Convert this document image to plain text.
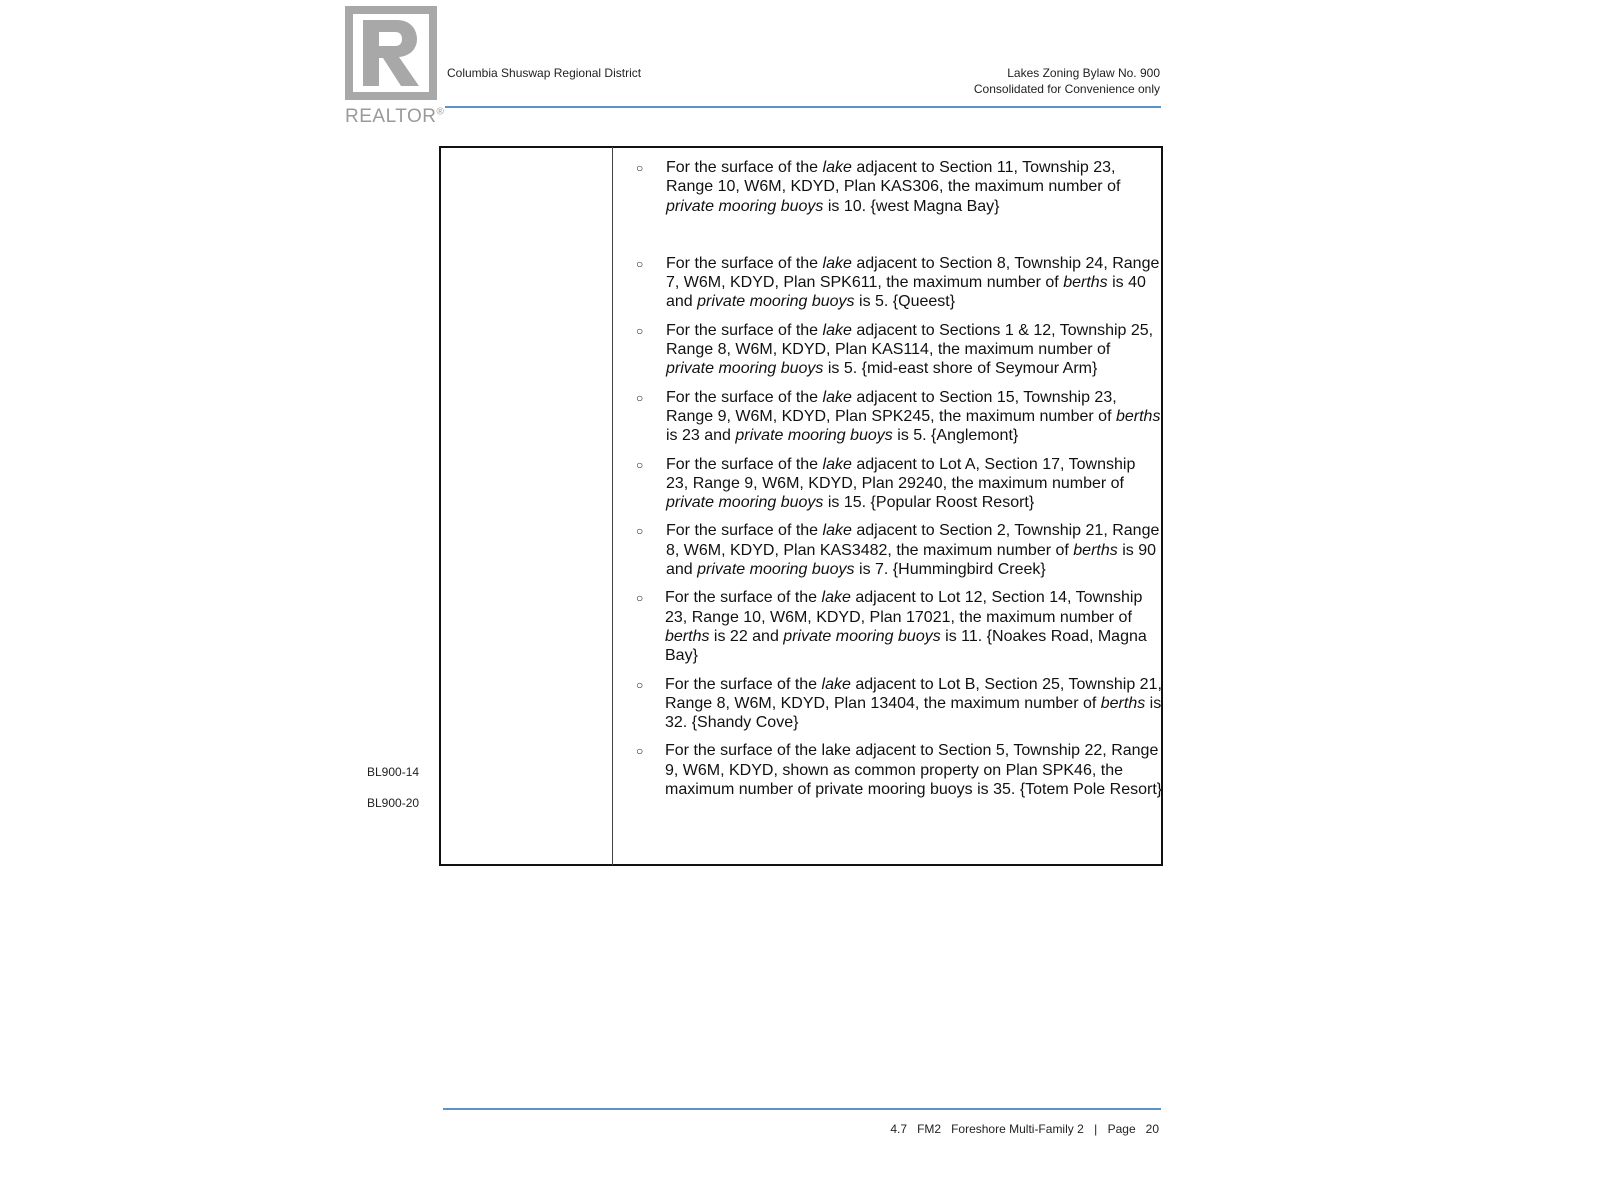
REALTOR®
Columbia Shuswap Regional District	Lakes Zoning Bylaw No. 900
Consolidated for Convenience only
BL900-14
BL900-20
○ For the surface of the lake adjacent to Section 11, Township 23, Range 10, W6M, KDYD, Plan KAS306, the maximum number of private mooring buoys is 10. {west Magna Bay}
○ For the surface of the lake adjacent to Section 8, Township 24, Range 7, W6M, KDYD, Plan SPK611, the maximum number of berths is 40 and private mooring buoys is 5. {Queest}
○ For the surface of the lake adjacent to Sections 1 & 12, Township 25, Range 8, W6M, KDYD, Plan KAS114, the maximum number of private mooring buoys is 5. {mid-east shore of Seymour Arm}
○ For the surface of the lake adjacent to Section 15, Township 23, Range 9, W6M, KDYD, Plan SPK245, the maximum number of berths is 23 and private mooring buoys is 5. {Anglemont}
○ For the surface of the lake adjacent to Lot A, Section 17, Township 23, Range 9, W6M, KDYD, Plan 29240, the maximum number of private mooring buoys is 15. {Popular Roost Resort}
○ For the surface of the lake adjacent to Section 2, Township 21, Range 8, W6M, KDYD, Plan KAS3482, the maximum number of berths is 90 and private mooring buoys is 7. {Hummingbird Creek}
○ For the surface of the lake adjacent to Lot 12, Section 14, Township 23, Range 10, W6M, KDYD, Plan 17021, the maximum number of berths is 22 and private mooring buoys is 11. {Noakes Road, Magna Bay}
○ For the surface of the lake adjacent to Lot B, Section 25, Township 21, Range 8, W6M, KDYD, Plan 13404, the maximum number of berths is 32. {Shandy Cove}
○ For the surface of the lake adjacent to Section 5, Township 22, Range 9, W6M, KDYD, shown as common property on Plan SPK46, the maximum number of private mooring buoys is 35. {Totem Pole Resort}
4.7 FM2 Foreshore Multi-Family 2 | Page 20
